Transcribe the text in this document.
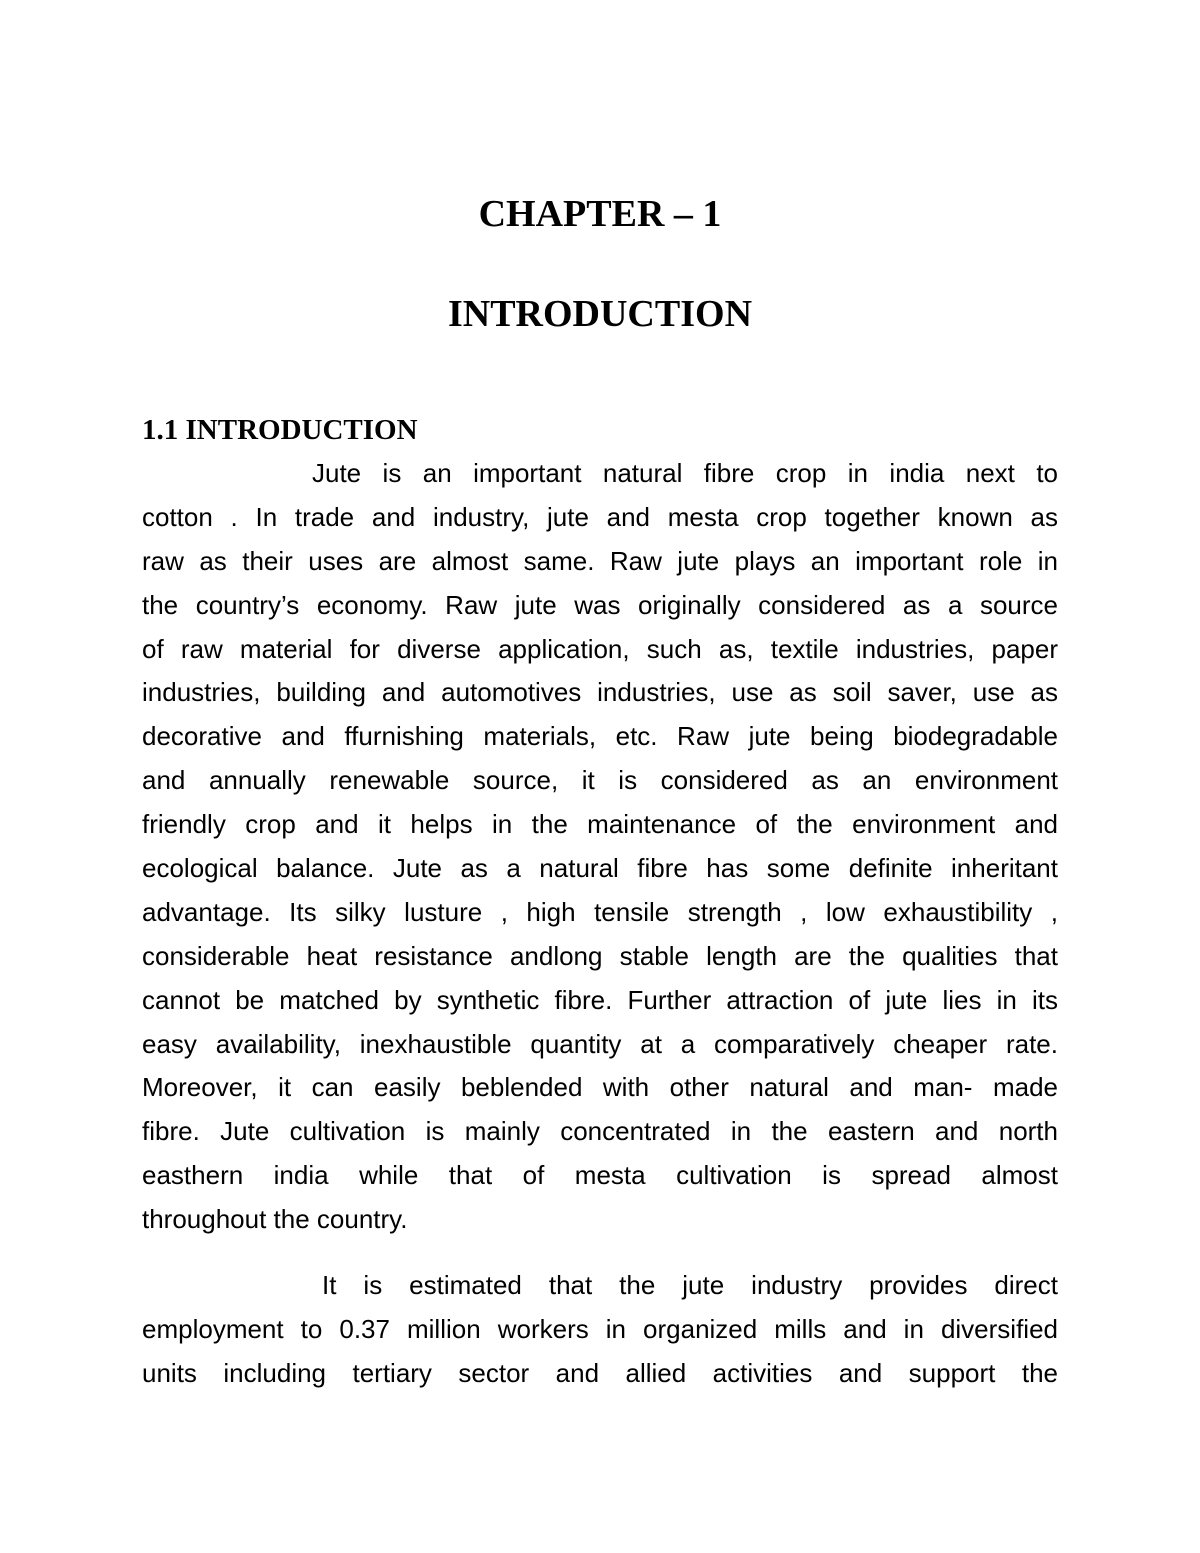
CHAPTER – 1
INTRODUCTION
1.1 INTRODUCTION
Jute is an important natural fibre crop in india next to
cotton . In trade and industry, jute and mesta crop together known as
raw as their uses are almost same. Raw jute plays an important role in
the country’s economy. Raw jute was originally considered as a source
of raw material for diverse application, such as, textile industries, paper
industries, building and automotives industries, use as soil saver, use as
decorative and ffurnishing materials, etc. Raw jute being biodegradable
and annually renewable source, it is considered as an environment
friendly crop and it helps in the maintenance of the environment and
ecological balance. Jute as a natural fibre has some definite inheritant
advantage. Its silky lusture , high tensile strength , low exhaustibility ,
considerable heat resistance andlong stable length are the qualities that
cannot be matched by synthetic fibre. Further attraction of jute lies in its
easy availability, inexhaustible quantity at a comparatively cheaper rate.
Moreover, it can easily beblended with other natural and man- made
fibre. Jute cultivation is mainly concentrated in the eastern and north
easthern india while that of mesta cultivation is spread almost
throughout the country.
It is estimated that the jute industry provides direct
employment to 0.37 million workers in organized mills and in diversified
units including tertiary sector and allied activities and support the
